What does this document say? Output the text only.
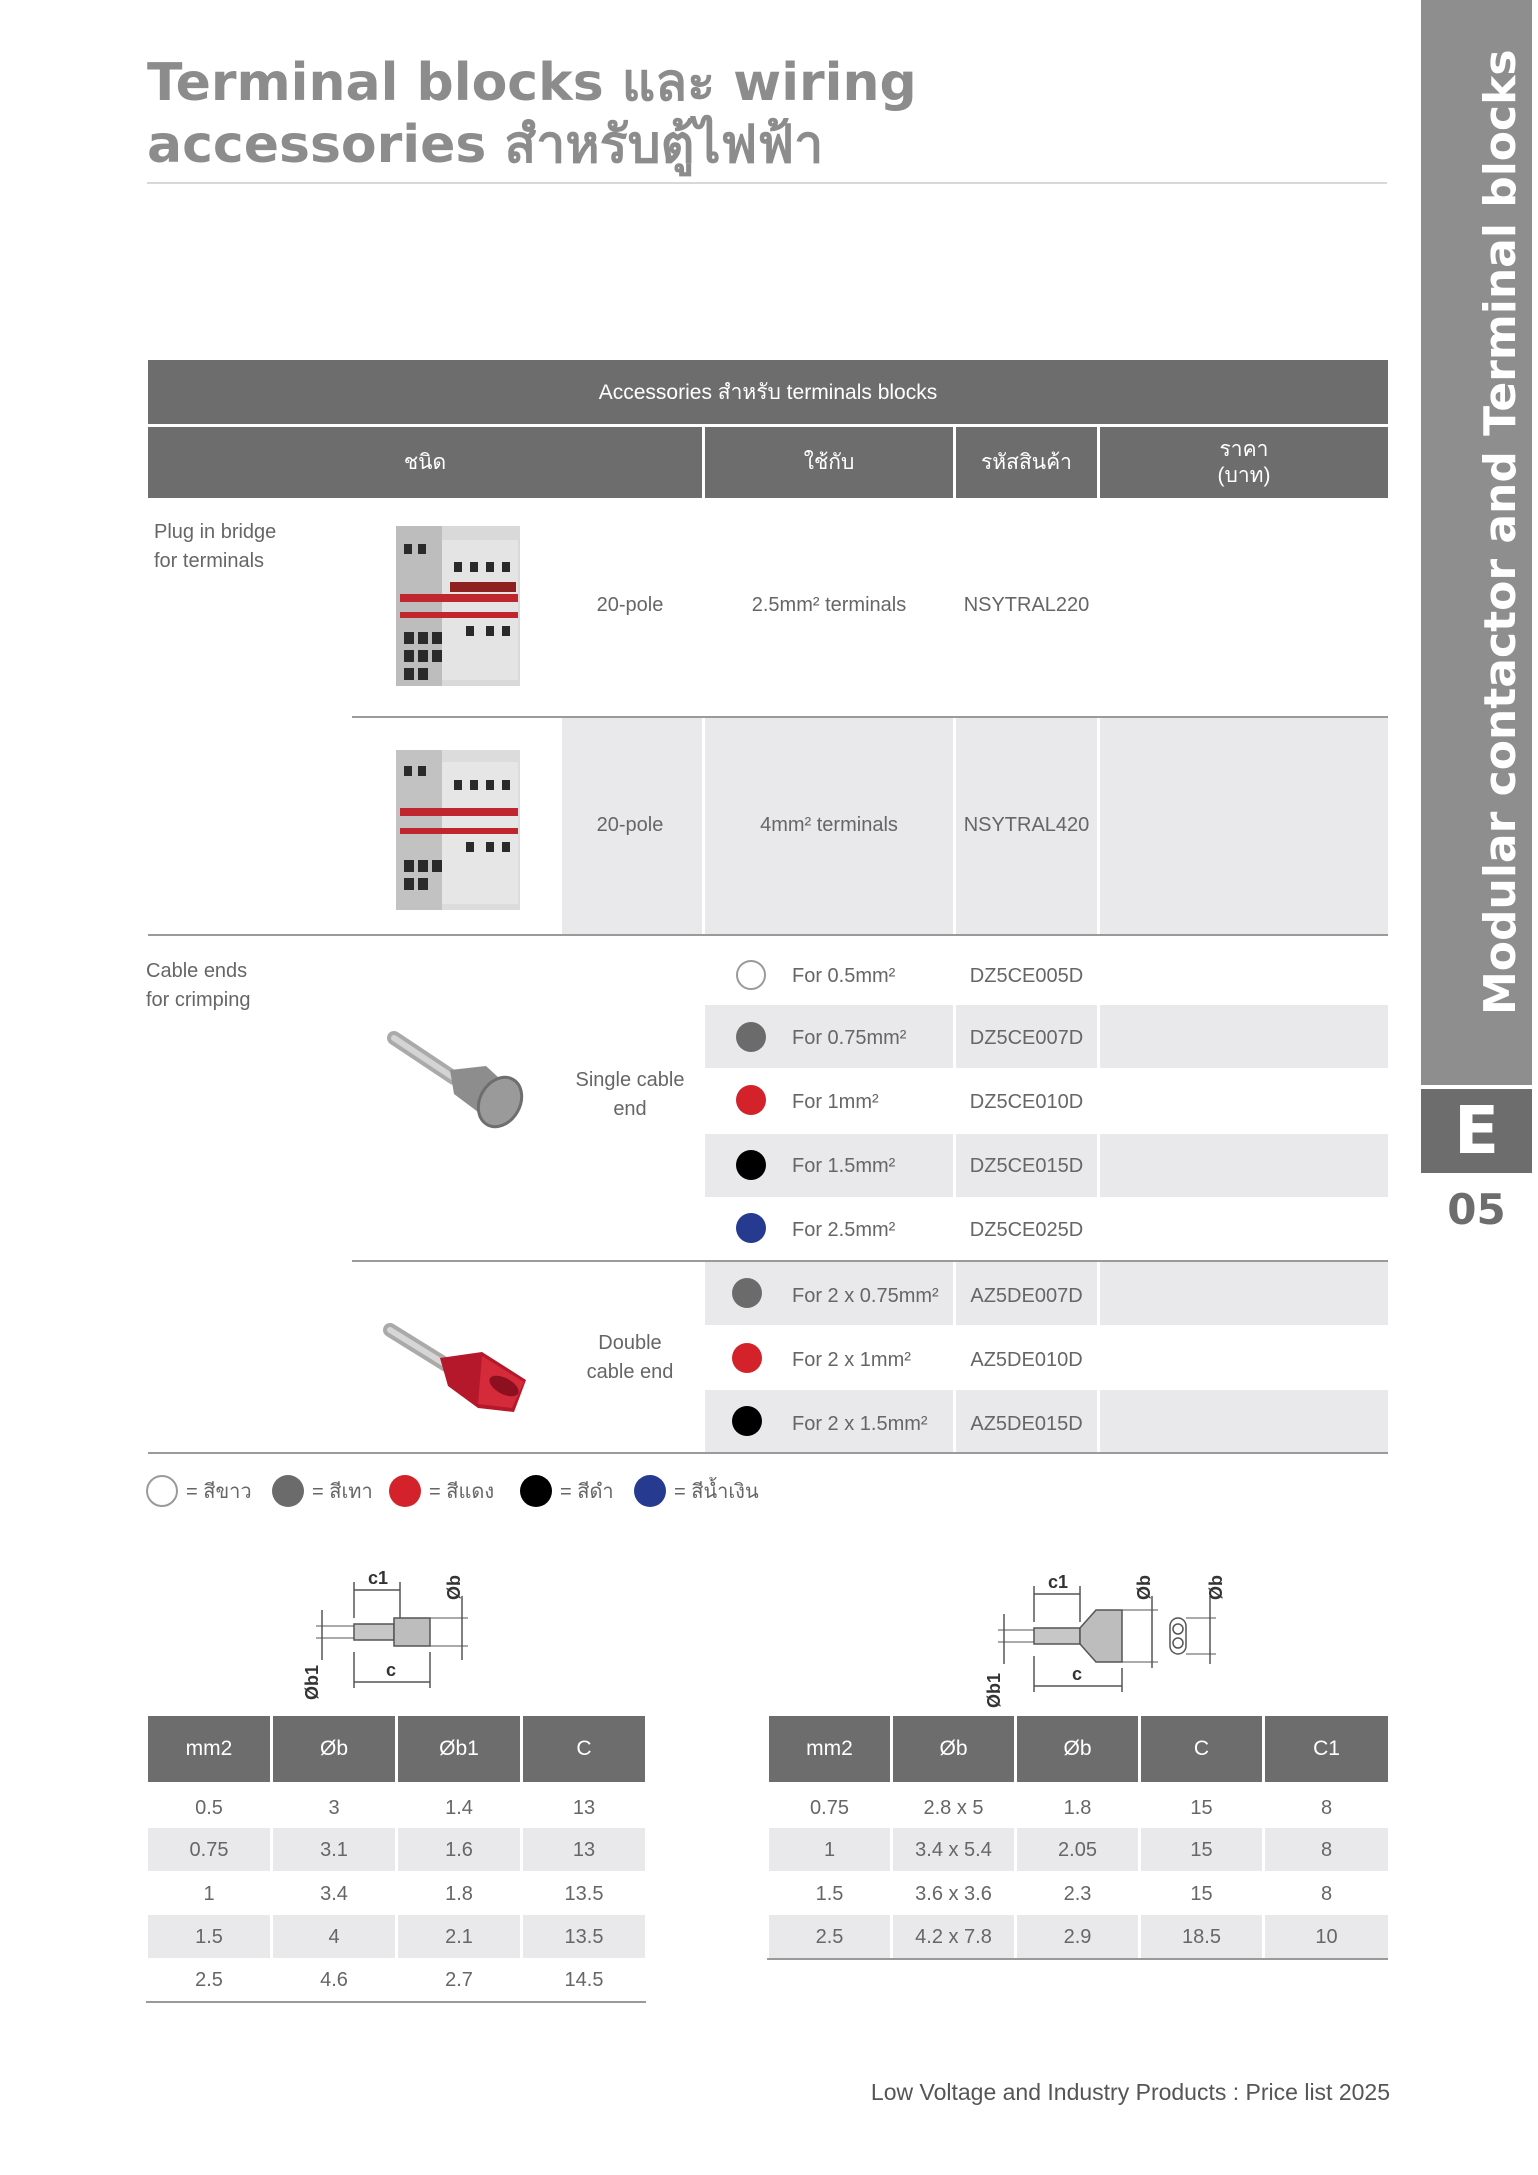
Terminal blocks และ wiring
accessories สำหรับตู้ไฟฟ้า	Modular contactor and Terminal blocks
E
05
Accessories สำหรับ terminals blocks
ชนิด	ใช้กับ	รหัสสินค้า
ราคา
(บาท)
Plug in bridge
for terminals
20-pole	2.5mm² terminals	NSYTRAL220
20-pole	4mm² terminals	NSYTRAL420
Cable ends
for crimping
Single cable
end
For 0.5mm²	DZ5CE005D
For 0.75mm²	DZ5CE007D
For 1mm²	DZ5CE010D
For 1.5mm²	DZ5CE015D
For 2.5mm²	DZ5CE025D
Double
cable end
For 2 x 0.75mm²	AZ5DE007D
For 2 x 1mm²	AZ5DE010D
For 2 x 1.5mm²	AZ5DE015D
= สีขาว	= สีเทา	= สีแดง	= สีดำ	= สีน้ำเงิน
c1	Øb
Øb1	c
c1	Øb	Øb
Øb1	c
mm2	Øb	Øb1	C
0.5	3	1.4	13
0.75	3.1	1.6	13
1	3.4	1.8	13.5
1.5	4	2.1	13.5
2.5	4.6	2.7	14.5
mm2	Øb	Øb	C	C1
0.75	2.8 x 5	1.8	15	8
1	3.4 x 5.4	2.05	15	8
1.5	3.6 x 3.6	2.3	15	8
2.5	4.2 x 7.8	2.9	18.5	10
Low Voltage and Industry Products : Price list 2025
